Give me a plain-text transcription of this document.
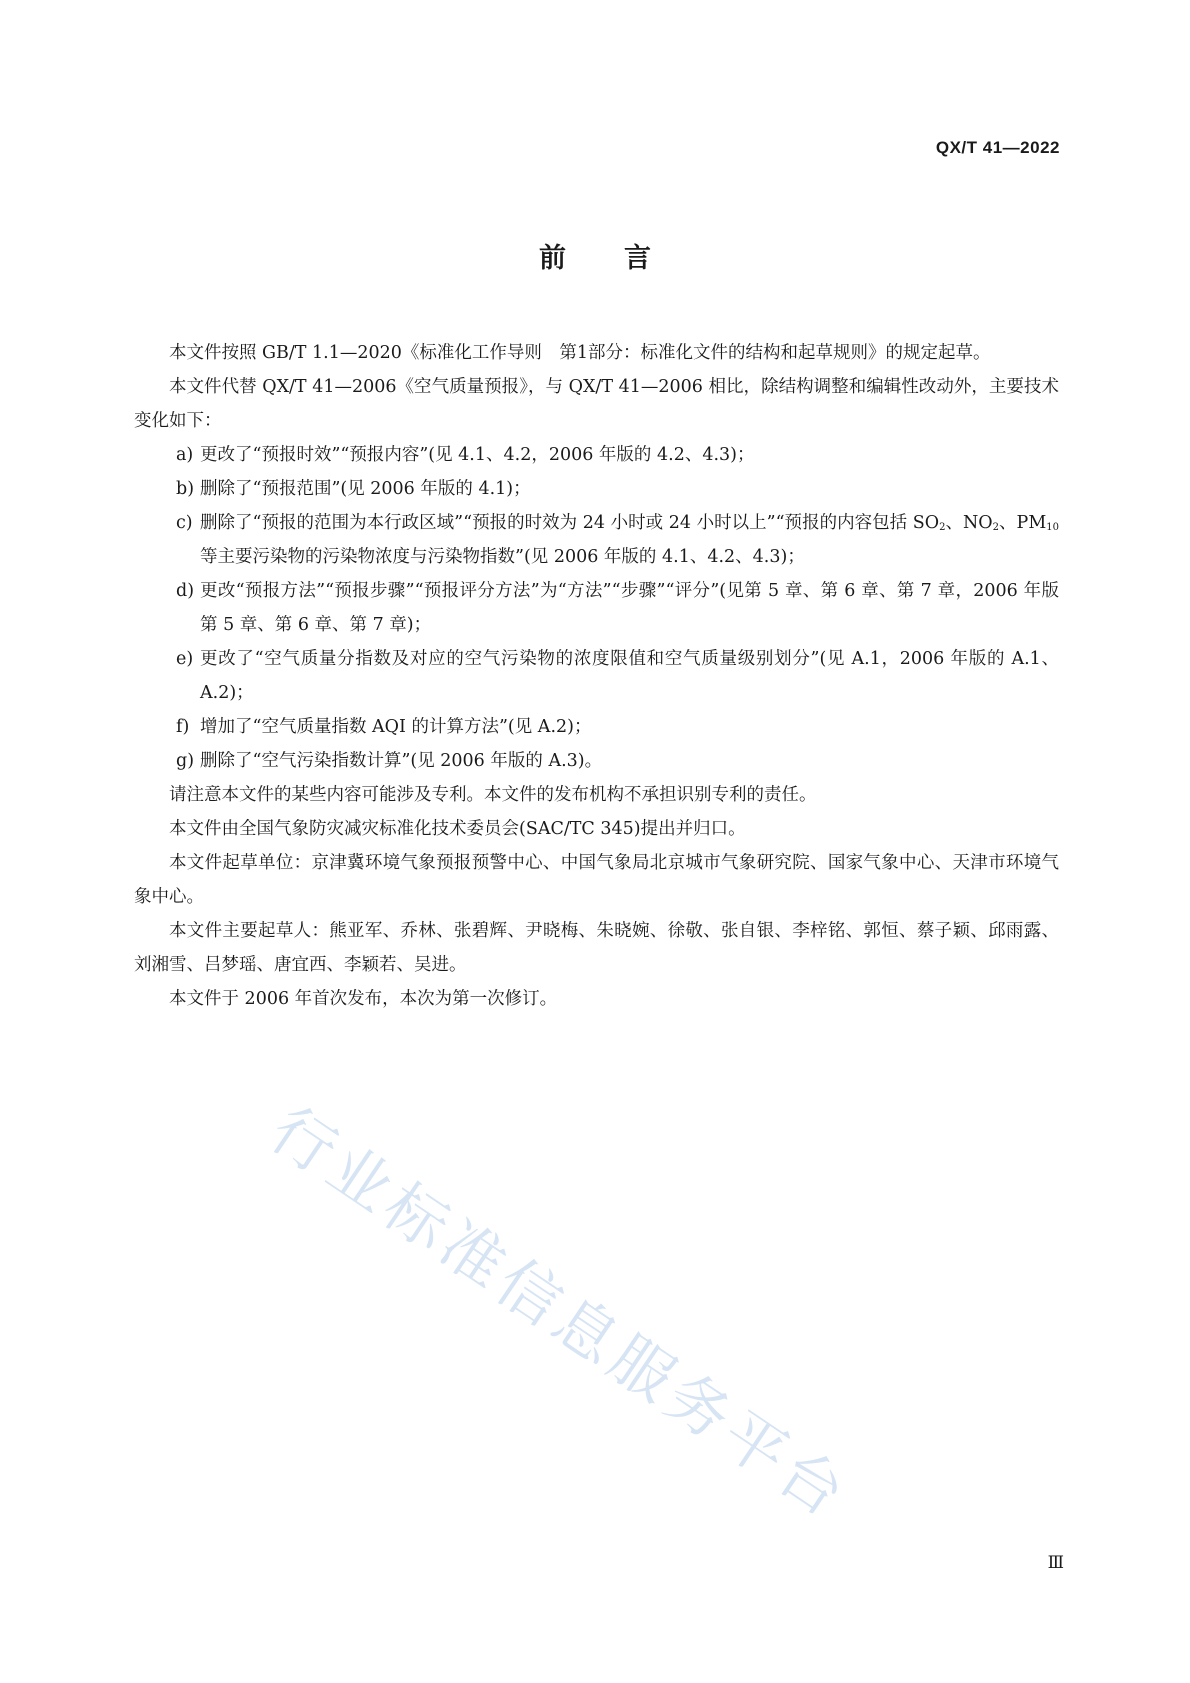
QX/T 41—2022
前言

本文件按照 GB/T 1.1—2020《标准化工作导则　第1部分：标准化文件的结构和起草规则》的规定起草。

本文件代替 QX/T 41—2006《空气质量预报》，与 QX/T 41—2006 相比，除结构调整和编辑性改动外，主要技术变化如下：

a) 更改了“预报时效”“预报内容”(见 4.1、4.2，2006 年版的 4.2、4.3)；
b) 删除了“预报范围”(见 2006 年版的 4.1)；
c) 删除了“预报的范围为本行政区域”“预报的时效为 24 小时或 24 小时以上”“预报的内容包括 $SO_2$、$NO_2$、$PM_{10}$等主要污染物的污染物浓度与污染物指数”(见 2006 年版的 4.1、4.2、4.3)；
d) 更改“预报方法”“预报步骤”“预报评分方法”为“方法”“步骤”“评分”(见第 5 章、第 6 章、第 7 章，2006 年版第 5 章、第 6 章、第 7 章)；
e) 更改了“空气质量分指数及对应的空气污染物的浓度限值和空气质量级别划分”(见 A.1，2006 年版的 A.1、A.2)；
f) 增加了“空气质量指数 AQI 的计算方法”(见 A.2)；
g) 删除了“空气污染指数计算”(见 2006 年版的 A.3)。

请注意本文件的某些内容可能涉及专利。本文件的发布机构不承担识别专利的责任。

本文件由全国气象防灾减灾标准化技术委员会(SAC/TC 345)提出并归口。

本文件起草单位：京津冀环境气象预报预警中心、中国气象局北京城市气象研究院、国家气象中心、天津市环境气象中心。

本文件主要起草人：熊亚军、乔林、张碧辉、尹晓梅、朱晓婉、徐敬、张自银、李梓铭、郭恒、蔡子颖、邱雨露、刘湘雪、吕梦瑶、唐宜西、李颖若、吴进。

本文件于 2006 年首次发布，本次为第一次修订。

行业标准信息服务平台
Ⅲ
